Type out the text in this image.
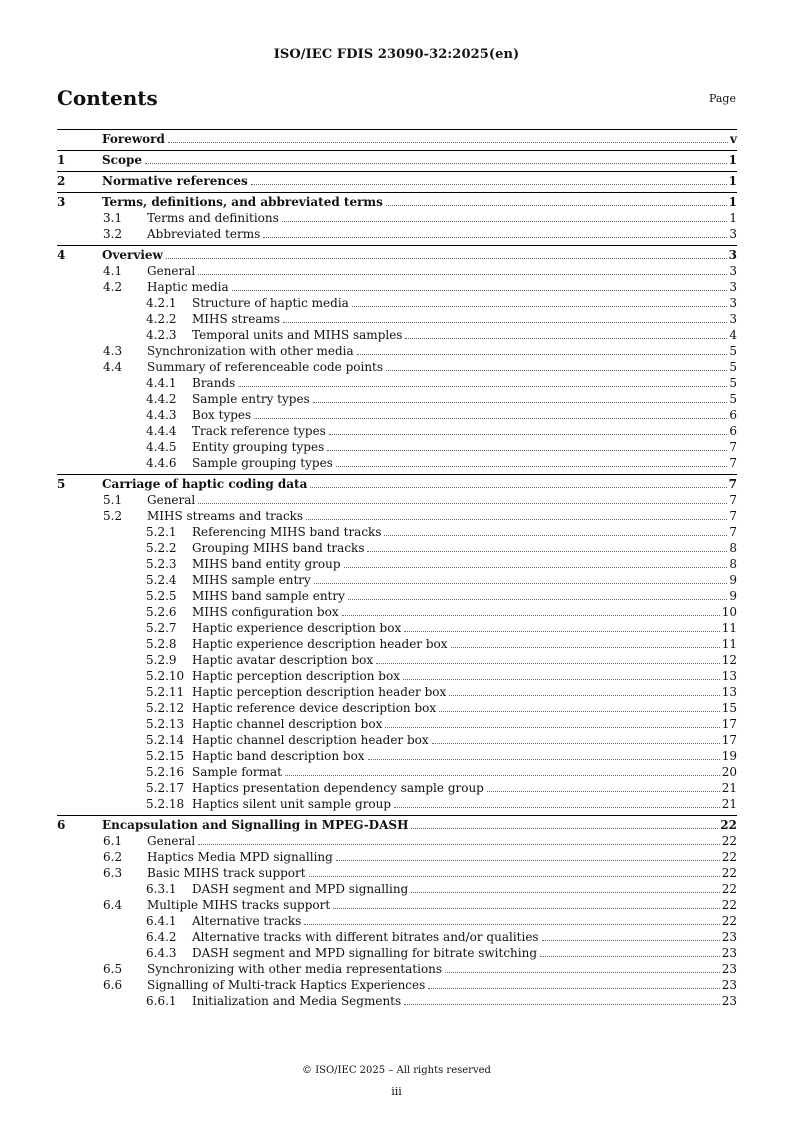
ISO/IEC FDIS 23090-32:2025(en)
Contents	Page
Foreword	v
1	Scope	1
2	Normative references	1
3	Terms, definitions, and abbreviated terms	1
3.1	Terms and definitions	1
3.2	Abbreviated terms	3
4	Overview	3
4.1	General	3
4.2	Haptic media	3
4.2.1	Structure of haptic media	3
4.2.2	MIHS streams	3
4.2.3	Temporal units and MIHS samples	4
4.3	Synchronization with other media	5
4.4	Summary of referenceable code points	5
4.4.1	Brands	5
4.4.2	Sample entry types	5
4.4.3	Box types	6
4.4.4	Track reference types	6
4.4.5	Entity grouping types	7
4.4.6	Sample grouping types	7
5	Carriage of haptic coding data	7
5.1	General	7
5.2	MIHS streams and tracks	7
5.2.1	Referencing MIHS band tracks	7
5.2.2	Grouping MIHS band tracks	8
5.2.3	MIHS band entity group	8
5.2.4	MIHS sample entry	9
5.2.5	MIHS band sample entry	9
5.2.6	MIHS configuration box	10
5.2.7	Haptic experience description box	11
5.2.8	Haptic experience description header box	11
5.2.9	Haptic avatar description box	12
5.2.10 Haptic perception description box	13
5.2.11 Haptic perception description header box	13
5.2.12 Haptic reference device description box	15
5.2.13 Haptic channel description box	17
5.2.14 Haptic channel description header box	17
5.2.15 Haptic band description box	19
5.2.16 Sample format	20
5.2.17 Haptics presentation dependency sample group	21
5.2.18 Haptics silent unit sample group	21
6	Encapsulation and Signalling in MPEG-DASH	22
6.1	General	22
6.2	Haptics Media MPD signalling	22
6.3	Basic MIHS track support	22
6.3.1	DASH segment and MPD signalling	22
6.4	Multiple MIHS tracks support	22
6.4.1	Alternative tracks	22
6.4.2	Alternative tracks with different bitrates and/or qualities	23
6.4.3	DASH segment and MPD signalling for bitrate switching	23
6.5	Synchronizing with other media representations	23
6.6	Signalling of Multi-track Haptics Experiences	23
6.6.1	Initialization and Media Segments	23
© ISO/IEC 2025 – All rights reserved
iii
